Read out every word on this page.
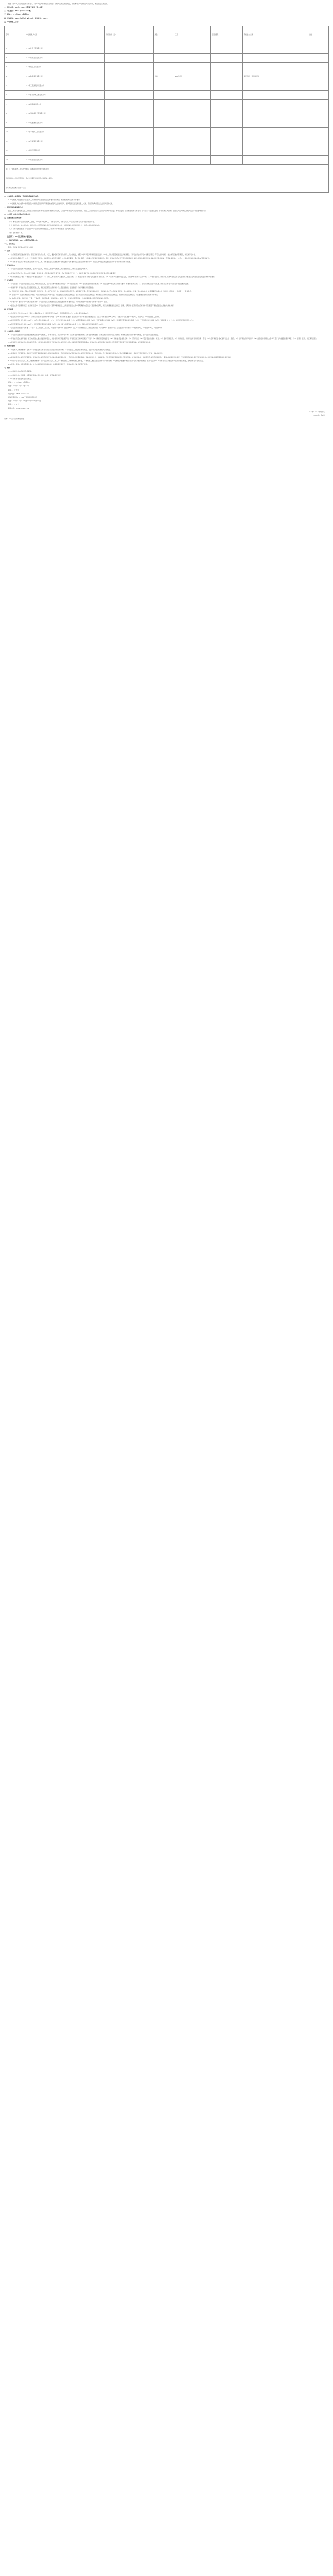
根据《中华人民共和国招标投标法》、《中华人民共和国政府采购法》及相关法律法规的规定，现将本项目中标候选人公示如下，欢迎社会各界监督。

一、项目名称：××市×××××工程施工项目（第一标段）

二、项目编号：2022-JSC-0172（略）

三、招标人：××市××××管理中心

四、开标时间：2022年×月×日 9时30分，评标时间：××××

五、中标候选人公示：

序号	中标候选人名称	投标报价（元）	质量	工期	项目经理	资格能力条件	备注
1	×××建设工程有限公司						
2	×××建筑集团有限公司						
3	××市政工程有限公司						
4	×××路桥建设有限公司		合格	180日历天		满足招标文件资格要求	
5	××建工集团股份有限公司						
6	×××水利水电工程有限公司						
7	××城建集团有限公司						
8	×××园林绿化工程有限公司						
9	×××交通建设有限公司						
10	××第一建筑工程有限公司						
11	×××工程建设有限公司						
12	××中建设有限公司						
13	×××建设集团有限公司						
注：以上中标候选人排名不分先后，具体评审结果详见评标报告。							
投标人如对公示结果有异议，应在公示期内以书面形式向招标人提出。							
联系方式详见本公告第十二条。							

六、中标候选人响应招标文件要求的资格能力条件：

1. 中标候选人的业绩及项目负责人资质情况均已按照招标文件要求进行核查，核查结果满足招标文件要求。

2. 中标候选人在“信用中国”网站及“中国政府采购网”等渠道未被列入失信被执行人、重大税收违法案件当事人名单、政府采购严重违法失信行为记录名单。

七、提出异议的渠道和方式：

投标人或者其他利害关系人对依法必须进行招标的项目的评标结果有异议的，应当在中标候选人公示期间提出。招标人应当自收到异议之日起3日内作出答复；作出答复前，应当暂停招标投标活动。异议应以书面形式提交，并附有效证明材料，由法定代表人或其授权代表签字并加盖单位公章。

八、公示期：自本公示发布之日起3日。

九、其他需要公示的内容：

（一）本项目的评标委员会由5人组成，其中招标人代表1人，评标专家4人，评标专家从××省综合评标专家库中随机抽取产生。

（二）评标办法：综合评估法。评标委员会按照招标文件规定的评标标准和方法，对投标文件进行评审和比较，推荐合格的中标候选人。

（三）投标文件的澄清：评标过程中评标委员会未要求投标人对投标文件作出澄清、说明或者补正。

（四）废标情况：无。

十、监督部门：××市住房和城乡建设局。

十一、招标代理机构：××××工程咨询有限公司。

十二、联系方式：

附件：招标文件评审办法及评分细则

一、总则

1.1 为了规范本项目的评标活动，保证评标活动的公平、公正，维护招标投标活动当事人的合法权益，依照《中华人民共和国招标投标法》、《中华人民共和国招标投标法实施条例》、《评标委员会和评标方法暂行规定》等有关法律法规，结合本项目的实际情况，制定本评标办法。

1.2 评标活动遵循公平、公正、科学和择优的原则。评标委员会成员应当客观、公正地履行职务，遵守职业道德，对所提出的评审意见承担个人责任。评标委员会成员不得与任何投标人或者与招标结果有利害关系的人进行私下接触，不得收受投标人、中介人、其他利害关系人的财物或者其他好处。

1.3 本评标办法适用于本项目施工招标的评标工作。评标委员会应当按照本办法规定的评标标准和方法对投标文件进行评审，招标文件中没有规定的标准和方法不得作为评标的依据。

二、评标委员会

2.1 评标委员会由招标人依法组建，负责评标活动，向招标人推荐中标候选人或者根据招标人的授权直接确定中标人。

2.2 评标委员会成员人数为5人以上单数，其中技术、经济等方面的专家不得少于成员总数的三分之二。评标专家应当从依法组建的评标专家库中随机抽取确定。

2.3 有下列情形之一的，不得担任评标委员会成员：（1）投标人或者投标人主要负责人的近亲属；（2）项目主管部门或者行政监督部门的人员；（3）与投标人有经济利益关系，可能影响对投标公正评审的；（4）曾因在招标、评标以及其他与招标投标有关活动中从事违法行为而受过行政处罚或刑事处罚的。

三、评标程序

3.1 评标准备：评标委员会成员应当认真研究招标文件，至少应了解和熟悉以下内容：（1）招标的目标；（2）招标项目的范围和性质；（3）招标文件中规定的主要技术要求、标准和商务条款；（4）招标文件规定的评标标准、评标方法和在评标过程中考虑的相关因素。

3.2 初步评审：评标委员会应当根据招标文件，审查并逐项列出投标文件的全部投标偏差。投标偏差分为重大偏差和细微偏差。

（1）形式评审：投标人名称与营业执照、资质证书、安全生产许可证一致；投标函上有法定代表人或其委托代理人签字或加盖单位章；投标文件格式符合招标文件要求；联合体投标人已提交联合体协议书，并明确联合体牵头人（如有）；报价唯一，只能有一个有效报价。

（2）资格评审：具备有效的营业执照；具备有效的安全生产许可证；资质等级符合招标文件规定；财务状况符合招标文件规定；类似项目业绩符合招标文件规定；信誉符合招标文件规定；项目经理资格符合招标文件规定。

（3）响应性评审：投标内容、工期、工程质量、投标有效期、投标保证金、权利义务、已标价工程量清单、技术标准和要求均符合招标文件的规定。

3.3 详细评审：经初步评审合格的投标文件，评标委员会应当根据招标文件确定的评标标准和方法，对其技术部分和商务部分作进一步评审、比较。

3.4 投标文件的澄清和补正：在评标过程中，评标委员会可以书面形式要求投标人对所提交投标文件中不明确的内容进行书面澄清或说明，或者对细微偏差进行补正。澄清、说明和补正不得超出投标文件的范围且不得改变投标文件的实质性内容。

四、评分标准

4.1 综合评分的总分为100分，其中：投标报价40分，施工组织设计30分，项目管理机构15分，企业业绩与信誉15分。

4.2 投标报价评分标准（40分）：以所有有效投标报价的算术平均值下浮3%作为评标基准价。投标报价等于评标基准价的得满分；每高于评标基准价1%扣2分，每低于评标基准价1%扣1分，扣完为止，中间值按插入法计算。

4.3 施工组织设计评分标准（30分）：内容完整性和编制水平（5分）；施工方案与技术措施（5分）；质量管理体系与措施（4分）；安全管理体系与措施（4分）；环境保护管理体系与措施（3分）；工程进度计划与措施（3分）；资源配备计划（3分）；施工现场平面布置（3分）。

4.4 项目管理机构评分标准（15分）：项目经理任职资格与业绩（6分）；技术负责人任职资格与业绩（4分）；其他主要人员配备情况（5分）。

4.5 企业业绩与信誉评分标准（15分）：近三年类似工程业绩，每提供一项得2分，最高得8分；近三年获得省级及以上优质工程奖的，每项得1分，最高得4分；企业信用评价等级为AAA级的得3分，AA级的得2分，A级的得1分。

五、中标候选人的推荐

5.1 评标委员会按照得分由高到低的顺序推荐中标候选人，并标明排序。综合评分相等时，以投标报价低的优先；投标报价也相等的，以施工组织设计得分高的优先；如果施工组织设计得分也相等，由评标委员会投票确定。

5.2 评标委员会完成评标后，应当向招标人提出书面评标报告，并抄送有关行政监督部门。评标报告应当如实记载以下内容：（1）基本情况和数据表；（2）评标委员会成员名单；（3）开标记录；（4）符合要求的投标一览表；（5）废标情况说明；（6）评标标准、评标方法或者评标因素一览表；（7）经评审的价格或者评分比较一览表；（8）经评审的投标人排序；（9）推荐的中标候选人名单与签订合同前要处理的事宜；（10）澄清、说明、补正事项纪要。

5.3 评标报告由评标委员会全体成员签字。对评标结论持有异议的评标委员会成员可以书面方式阐述其不同意见和理由。评标委员会成员拒绝在评标报告上签字且不陈述其不同意见和理由的，视为同意评标结论。

六、纪律和监督

6.1 对招标人的纪律要求：招标人不得泄露招标投标活动中应当保密的情况和资料，不得与投标人串通损害国家利益、社会公共利益或者他人合法权益。

6.2 对投标人的纪律要求：投标人不得相互串通投标或者与招标人串通投标，不得向招标人或者评标委员会成员行贿谋取中标，不得以他人名义投标或者以其他方式弄虚作假骗取中标；投标人不得以任何方式干扰、影响评标工作。

6.3 对评标委员会成员的纪律要求：评标委员会成员不得收受他人的财物或者其他好处，不得向他人透露对投标文件的评审和比较、中标候选人的推荐情况以及评标有关的其他情况。在评标活动中，评标委员会成员不得擅离职守，影响评标程序正常进行，不得使用招标文件规定的评标标准和方法以外的评审因素和标准进行评标。

6.4 对与评标活动有关的工作人员的纪律要求：与评标活动有关的工作人员不得收受他人的财物或者其他好处，不得向他人透露对投标文件的评审和比较、中标候选人的推荐情况以及评标有关的其他情况。在评标活动中，与评标活动有关的工作人员不得擅离职守，影响评标程序正常进行。

6.5 投诉：投标人和其他利害关系人认为本次招标活动违反法律、法规和规章规定的，有权向有关行政监督部门投诉。

七、附则

7.1 本评标办法由招标人负责解释。

7.2 本评标办法未尽事宜，按照国家和地方有关法律、法规、规章的规定执行。

7.3 本评标办法自发布之日起施行。

招标人：××市××××管理中心

地址：××市××区××路××号

联系人：×先生

联系电话：0571-8××××××

招标代理机构：××××工程咨询有限公司

地址：××市××区××大道××号××大厦××层

联系人：×女士

联系电话：0571-8××××××

××市××××管理中心

2022年×月×日

来源：××省公共资源交易网
